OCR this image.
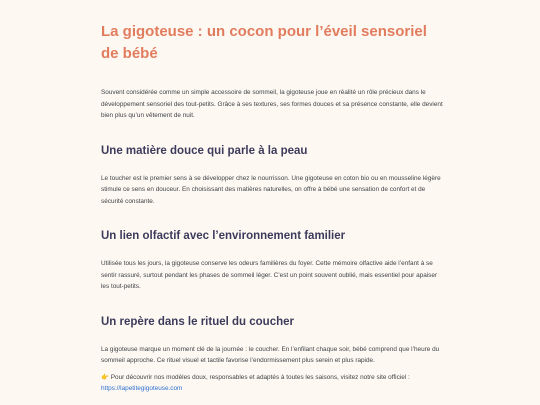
La gigoteuse : un cocon pour l’éveil sensoriel de bébé

Souvent considérée comme un simple accessoire de sommeil, la gigoteuse joue en réalité un rôle précieux dans le développement sensoriel des tout-petits. Grâce à ses textures, ses formes douces et sa présence constante, elle devient bien plus qu’un vêtement de nuit.

Une matière douce qui parle à la peau

Le toucher est le premier sens à se développer chez le nourrisson. Une gigoteuse en coton bio ou en mousseline légère stimule ce sens en douceur. En choisissant des matières naturelles, on offre à bébé une sensation de confort et de sécurité constante.

Un lien olfactif avec l’environnement familier

Utilisée tous les jours, la gigoteuse conserve les odeurs familières du foyer. Cette mémoire olfactive aide l’enfant à se sentir rassuré, surtout pendant les phases de sommeil léger. C’est un point souvent oublié, mais essentiel pour apaiser les tout-petits.

Un repère dans le rituel du coucher

La gigoteuse marque un moment clé de la journée : le coucher. En l’enfilant chaque soir, bébé comprend que l’heure du sommeil approche. Ce rituel visuel et tactile favorise l’endormissement plus serein et plus rapide.

👉 Pour découvrir nos modèles doux, responsables et adaptés à toutes les saisons, visitez notre site officiel : https://lapetitegigoteuse.com
